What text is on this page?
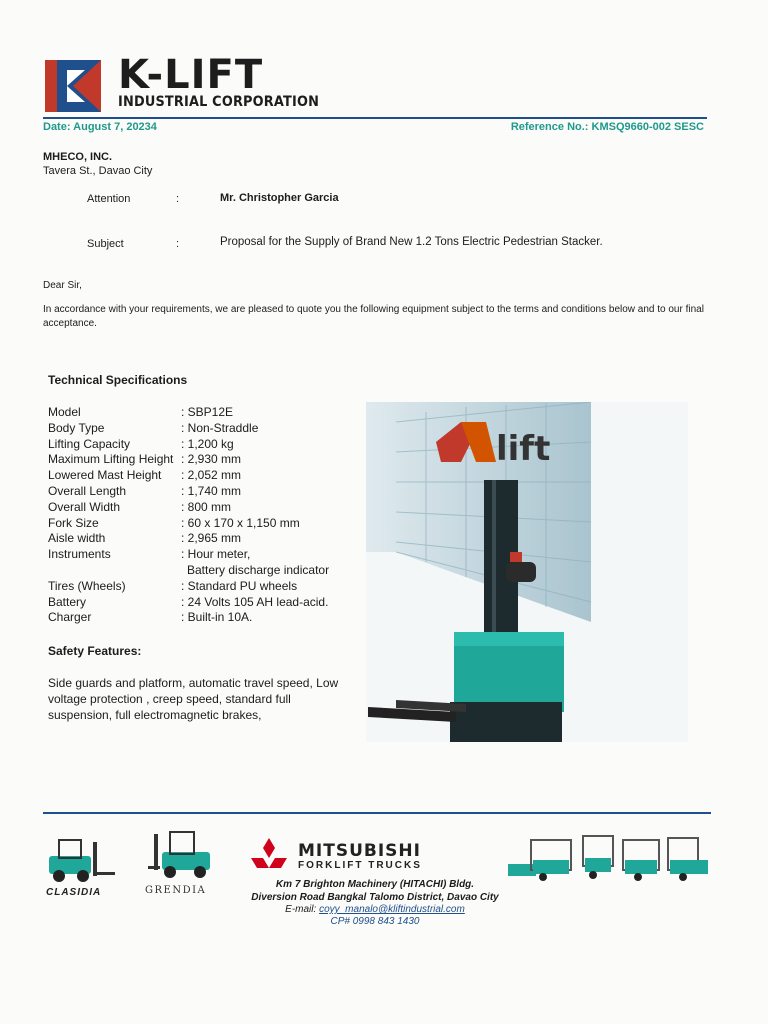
K-LIFT
INDUSTRIAL CORPORATION
Date: August 7, 20234	Reference No.: KMSQ9660-002 SESC
MHECO, INC.
Tavera St., Davao City
Attention	:	Mr. Christopher Garcia
Subject	:	Proposal for the Supply of Brand New 1.2 Tons Electric Pedestrian Stacker.
Dear Sir,
In accordance with your requirements, we are pleased to quote you the following equipment subject to the terms and conditions below and to our final acceptance.
Technical Specifications
Model	: SBP12E
Body Type	: Non-Straddle
Lifting Capacity	: 1,200 kg
Maximum Lifting Height : 2,930 mm
Lowered Mast Height : 2,052 mm
Overall Length	: 1,740 mm
Overall Width	: 800 mm
Fork Size	: 60 x 170 x 1,150 mm
Aisle width	: 2,965 mm
Instruments	: Hour meter,
Battery discharge indicator
Tires (Wheels)	: Standard PU wheels
Battery	: 24 Volts 105 AH lead-acid.
Charger	: Built-in 10A.
Safety Features:
Side guards and platform, automatic travel speed, Low voltage protection , creep speed, standard full suspension, full electromagnetic brakes,
lift
CLASIDIA	GRENDIA
MITSUBISHI
FORKLIFT TRUCKS
Km 7 Brighton Machinery (HITACHI) Bldg.
Diversion Road Bangkal Talomo District, Davao City
E-mail: coyy_manalo@kliftindustrial.com
CP# 0998 843 1430
